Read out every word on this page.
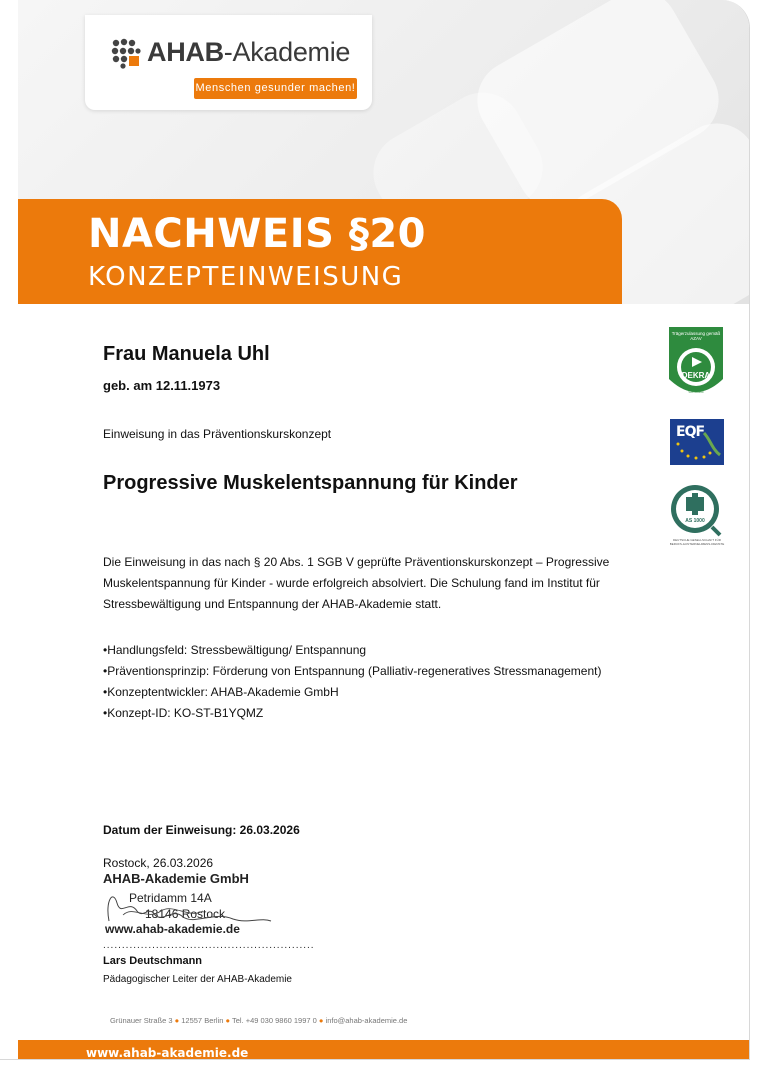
AHAB-Akademie
Menschen gesunder machen!
NACHWEIS §20
KONZEPTEINWEISUNG
Frau Manuela Uhl
geb. am 12.11.1973
Einweisung in das Präventionskurskonzept
Progressive Muskelentspannung für Kinder
Die Einweisung in das nach § 20 Abs. 1 SGB V geprüfte Präventionskurskonzept – Progressive Muskelentspannung für Kinder - wurde erfolgreich absolviert. Die Schulung fand im Institut für Stressbewältigung und Entspannung der AHAB-Akademie statt.
•Handlungsfeld: Stressbewältigung/ Entspannung
•Präventionsprinzip: Förderung von Entspannung (Palliativ-regeneratives Stressmanagement)
•Konzeptentwickler: AHAB-Akademie GmbH
•Konzept-ID: KO-ST-B1YQMZ
Datum der Einweisung: 26.03.2026
Rostock, 26.03.2026
AHAB-Akademie GmbH
Petridamm 14A
18146 Rostock
www.ahab-akademie.de
........................................................
Lars Deutschmann
Pädagogischer Leiter der AHAB-Akademie
Trägerzulassung gemäß AZAV
DEKRA
Certified
EQF
AS 1000
DEUTSCHE GESELLSCHAFT FÜR BERUFS-&UNTERNEHMENS-DIENSTE
Grünauer Straße 3 ● 12557 Berlin ● Tel. +49 030 9860 1997 0 ● info@ahab-akademie.de
www.ahab-akademie.de
